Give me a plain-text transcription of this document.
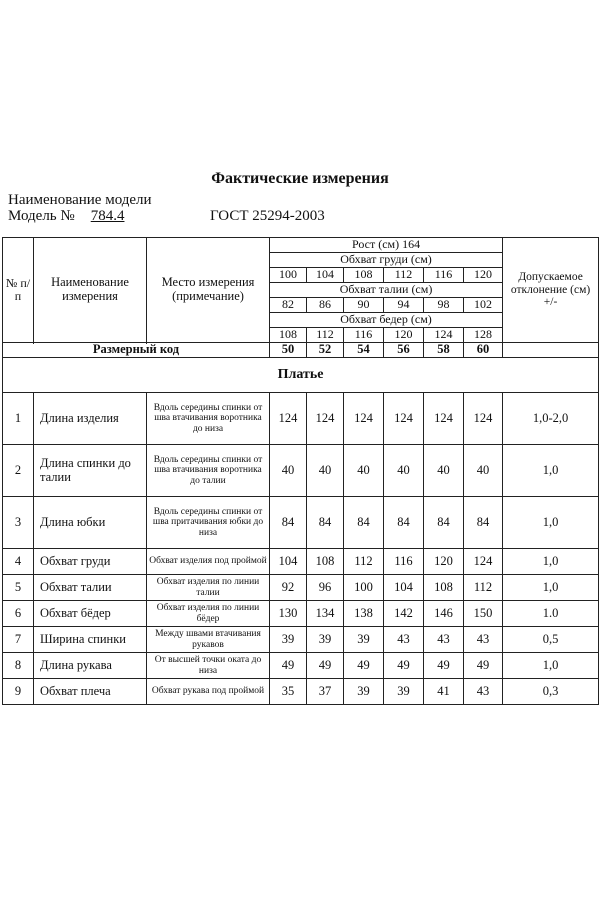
Фактические измерения
Наименование модели
Модель № 784.4	ГОСТ 25294-2003
№ п/п	Наименование измерения	Место измерения (примечание)	Рост (см) 164						Допускаемое отклонение (см) +/-
			Обхват груди (см)						
			100	104	108	112	116	120	
			Обхват талии (см)						
			82	86	90	94	98	102	
			Обхват бедер (см)						
			108	112	116	120	124	128	

Размерный код			50	52	54	56	58	60	
Платье									
1	Длина изделия	Вдоль середины спинки от шва втачивания воротника до низа	124	124	124	124	124	124	1,0-2,0
2	Длина спинки до талии	Вдоль середины спинки от шва втачивания воротника до талии	40	40	40	40	40	40	1,0
3	Длина юбки	Вдоль середины спинки от шва притачивания юбки до низа	84	84	84	84	84	84	1,0
4	Обхват груди	Обхват изделия под проймой	104	108	112	116	120	124	1,0
5	Обхват талии	Обхват изделия по линии талии	92	96	100	104	108	112	1,0
6	Обхват бёдер	Обхват изделия по линии бёдер	130	134	138	142	146	150	1.0
7	Ширина спинки	Между швами втачивания рукавов	39	39	39	43	43	43	0,5
8	Длина рукава	От высшей точки оката до низа	49	49	49	49	49	49	1,0
9	Обхват плеча	Обхват рукава под проймой	35	37	39	39	41	43	0,3
